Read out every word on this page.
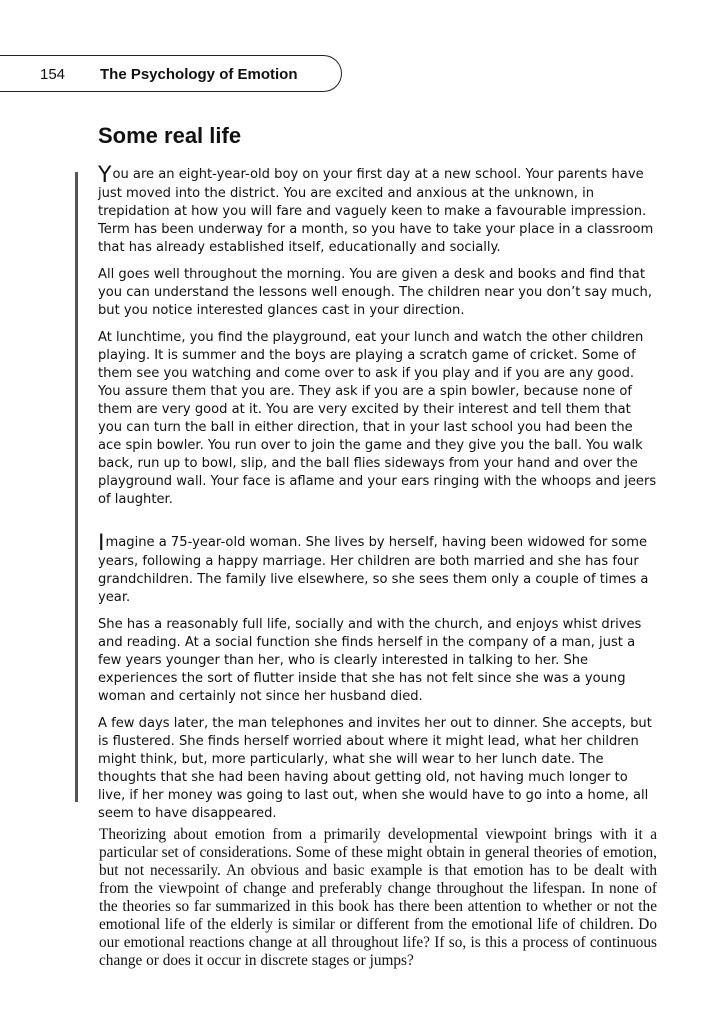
154 The Psychology of Emotion
Some real life

You are an eight-year-old boy on your first day at a new school. Your parents have just moved into the district. You are excited and anxious at the unknown, in trepidation at how you will fare and vaguely keen to make a favourable impression. Term has been underway for a month, so you have to take your place in a classroom that has already established itself, educationally and socially.

All goes well throughout the morning. You are given a desk and books and find that you can understand the lessons well enough. The children near you don’t say much, but you notice interested glances cast in your direction.

At lunchtime, you find the playground, eat your lunch and watch the other children playing. It is summer and the boys are playing a scratch game of cricket. Some of them see you watching and come over to ask if you play and if you are any good. You assure them that you are. They ask if you are a spin bowler, because none of them are very good at it. You are very excited by their interest and tell them that you can turn the ball in either direction, that in your last school you had been the ace spin bowler. You run over to join the game and they give you the ball. You walk back, run up to bowl, slip, and the ball flies sideways from your hand and over the playground wall. Your face is aflame and your ears ringing with the whoops and jeers of laughter.

Imagine a 75-year-old woman. She lives by herself, having been widowed for some years, following a happy marriage. Her children are both married and she has four grandchildren. The family live elsewhere, so she sees them only a couple of times a year.

She has a reasonably full life, socially and with the church, and enjoys whist drives and reading. At a social function she finds herself in the company of a man, just a few years younger than her, who is clearly interested in talking to her. She experiences the sort of flutter inside that she has not felt since she was a young woman and certainly not since her husband died.

A few days later, the man telephones and invites her out to dinner. She accepts, but is flustered. She finds herself worried about where it might lead, what her children might think, but, more particularly, what she will wear to her lunch date. The thoughts that she had been having about getting old, not having much longer to live, if her money was going to last out, when she would have to go into a home, all seem to have disappeared.

Theorizing about emotion from a primarily developmental viewpoint brings with it a particular set of considerations. Some of these might obtain in general theories of emotion, but not necessarily. An obvious and basic example is that emotion has to be dealt with from the viewpoint of change and preferably change throughout the lifespan. In none of the theories so far summarized in this book has there been attention to whether or not the emotional life of the elderly is similar or different from the emotional life of children. Do our emotional reactions change at all throughout life? If so, is this a process of continuous change or does it occur in discrete stages or jumps?
